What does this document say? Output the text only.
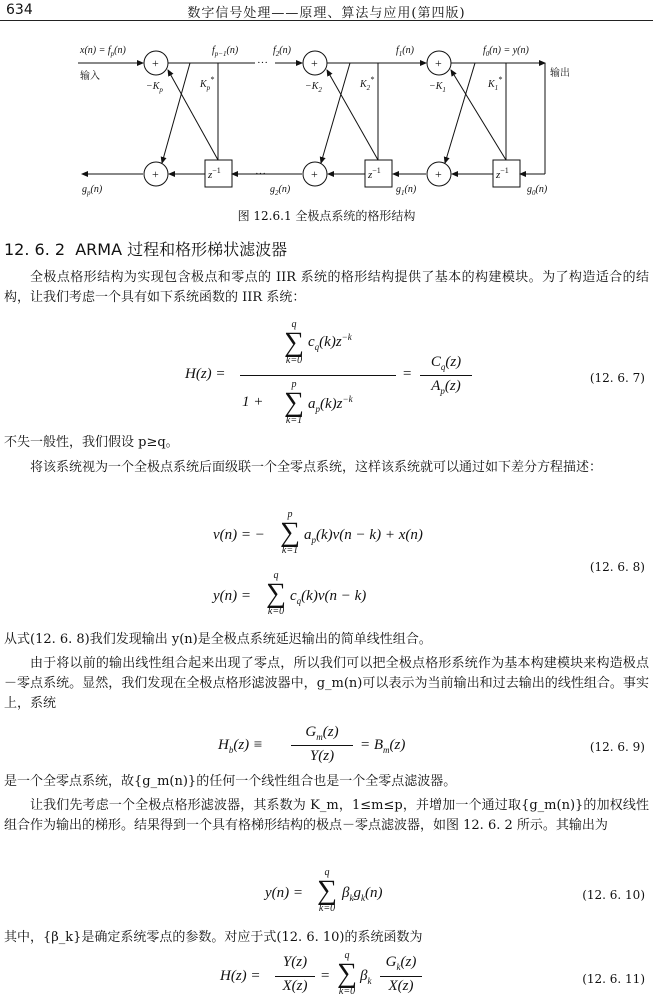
634	数字信号处理——原理、算法与应用(第四版)
+	+	+
+	+	+
$z^{-1}$	$z^{-1}$	$z^{-1}$
$x(n) = f_p(n)$
输入	输出
$f_{p-1}(n)$	$f_2(n)$	$f_1(n)$	$f_0(n) = y(n)$
···
···
$-K_p$	$K_p^*$
$-K_2$	$K_2^*$
$-K_1$	$K_1^*$
$g_p(n)$	$g_2(n)$	$g_1(n)$	$g_0(n)$
图 12.6.1 全极点系统的格形结构
12. 6. 2 ARMA 过程和格形梯状滤波器
全极点格形结构为实现包含极点和零点的 IIR 系统的格形结构提供了基本的构建模块。为了构造适合的结构，让我们考虑一个具有如下系统函数的 IIR 系统：
H(z) =
q
∑
k=0
$c_q(k)z^{-k}$
1 +
p
∑
k=1
$a_p(k)z^{-k}$
=
$C_q(z)$
$A_p(z)$	(12. 6. 7)
不失一般性，我们假设 p≥q。
将该系统视为一个全极点系统后面级联一个全零点系统，这样该系统就可以通过如下差分方程描述：
v(n) = −
p
∑
k=1
$a_p(k)v(n - k) + x(n)$
y(n) =
q
∑
k=0
$c_q(k)v(n - k)$
(12. 6. 8)
从式(12. 6. 8)我们发现输出 y(n)是全极点系统延迟输出的简单线性组合。
由于将以前的输出线性组合起来出现了零点，所以我们可以把全极点格形系统作为基本构建模块来构造极点－零点系统。显然，我们发现在全极点格形滤波器中，g_m(n)可以表示为当前输出和过去输出的线性组合。事实上，系统
$H_b(z)$ ≡
$G_m(z)$
Y(z)
= $B_m(z)$	(12. 6. 9)
是一个全零点系统，故{g_m(n)}的任何一个线性组合也是一个全零点滤波器。
让我们先考虑一个全极点格形滤波器，其系数为 K_m，1≤m≤p，并增加一个通过取{g_m(n)}的加权线性组合作为输出的梯形。结果得到一个具有格梯形结构的极点－零点滤波器，如图 12. 6. 2 所示。其输出为
y(n) =
q
∑
k=0
$\beta_kg_k(n)$	(12. 6. 10)
其中，{β_k}是确定系统零点的参数。对应于式(12. 6. 10)的系统函数为
H(z) =
Y(z)
X(z)
=
q
∑
k=0
$\beta_k$
$G_k(z)$
X(z)	(12. 6. 11)
